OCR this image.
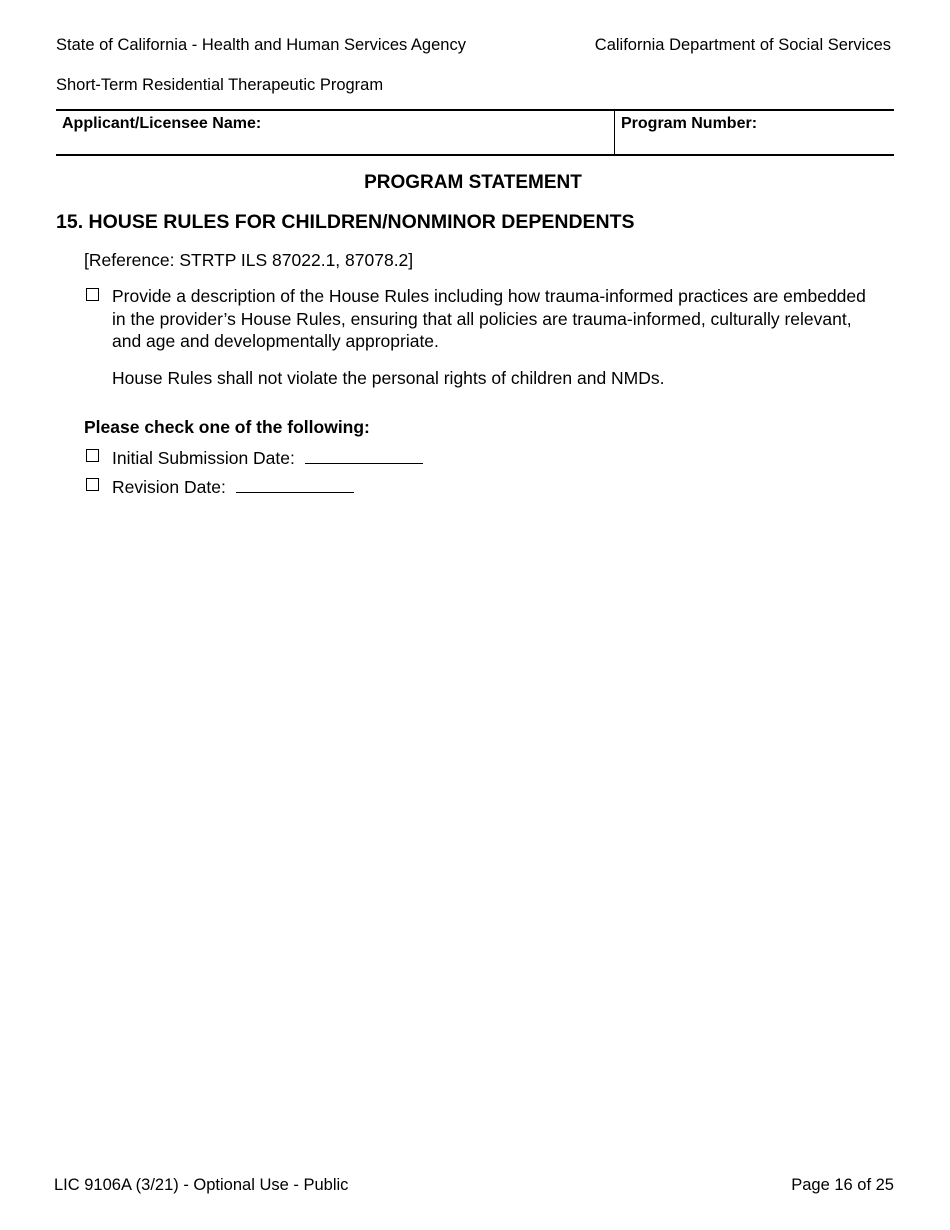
State of California - Health and Human Services Agency	California Department of Social Services
Short-Term Residential Therapeutic Program
Applicant/Licensee Name:	Program Number:
PROGRAM STATEMENT
15. HOUSE RULES FOR CHILDREN/NONMINOR DEPENDENTS
[Reference: STRTP ILS 87022.1, 87078.2]
Provide a description of the House Rules including how trauma-informed practices are embedded in the provider’s House Rules, ensuring that all policies are trauma-informed, culturally relevant, and age and developmentally appropriate.
House Rules shall not violate the personal rights of children and NMDs.
Please check one of the following:
Initial Submission Date:
Revision Date:
LIC 9106A (3/21) - Optional Use - Public	Page 16 of 25
